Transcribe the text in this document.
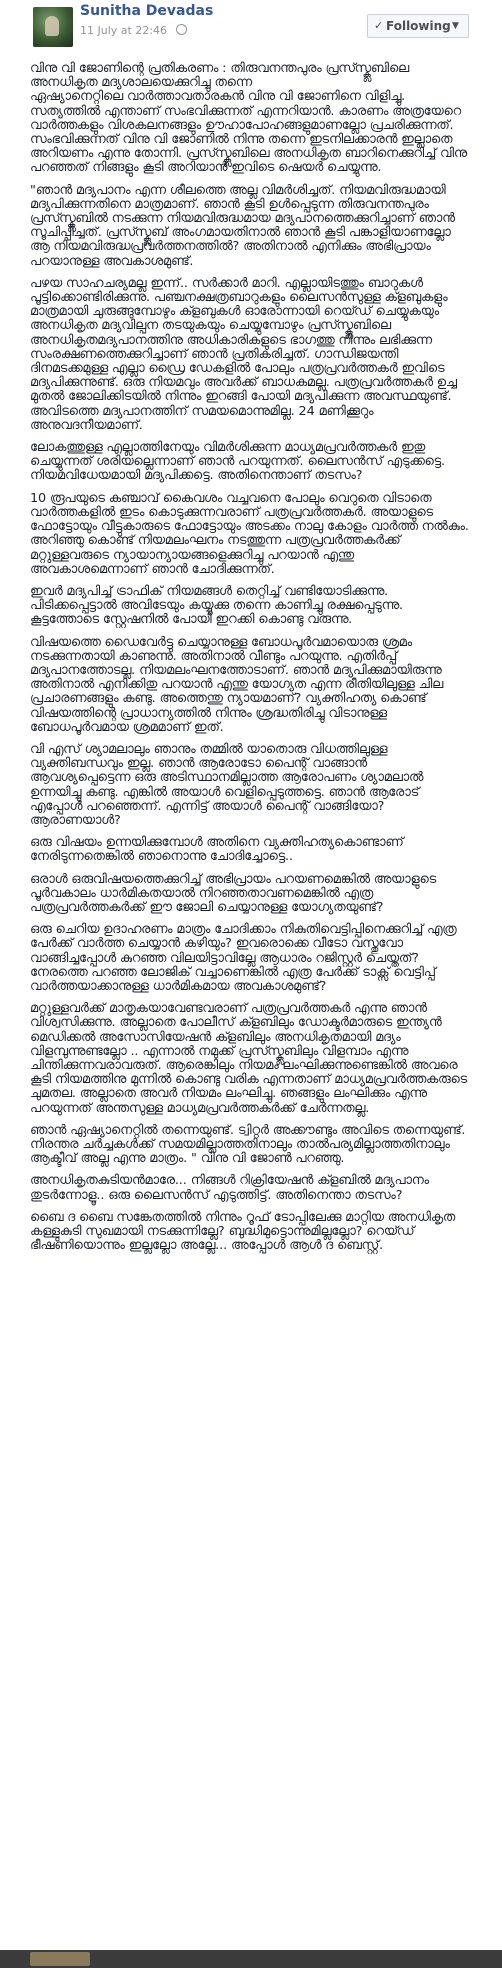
Sunitha Devadas
11 July at 22:46	✓ Following ▼

വിനു വി ജോണിന്റെ പ്രതികരണം : തിരുവനന്തപുരം പ്രസ്സ്ക്ലബിലെ അനധികൃത മദ്യശാലയെക്കുറിച്ചു തന്നെ
ഏഷ്യാനെറ്റിലെ വാർത്താവതാരകൻ വിനു വി ജോണിനെ വിളിച്ചു. സത്യത്തിൽ എന്താണ് സംഭവിക്കുന്നത് എന്നറിയാൻ. കാരണം അത്രയേറെ വാർത്തകളും വിശകലനങ്ങളും ഊഹാപോഹങ്ങളുമാണല്ലോ പ്രചരിക്കുന്നത്. സംഭവിക്കുന്നത് വിനു വി ജോണിൽ നിന്നു തന്നെ ഇടനിലക്കാരൻ ഇല്ലാതെ അറിയണം എന്നു തോന്നി. പ്രസ്സ്ക്ലബിലെ അനധികൃത ബാറിനെക്കുറിച്ച് വിനു പറഞ്ഞത് നിങ്ങളും കൂടി അറിയാൻ ഇവിടെ ഷെയർ ചെയ്യുന്നു.

"ഞാൻ മദ്യപാനം എന്ന ശീലത്തെ അല്ല വിമർശിച്ചത്. നിയമവിരുദ്ധമായി മദ്യപിക്കുന്നതിനെ മാത്രമാണ്. ഞാൻ കൂടി ഉൾപ്പെടുന്ന തിരുവനന്തപുരം പ്രസ്സ്ക്ലബിൽ നടക്കുന്ന നിയമവിരുദ്ധമായ മദ്യപാനത്തെക്കുറിച്ചാണ് ഞാൻ സൂചിപ്പിച്ചത്. പ്രസ്സ്ക്ലബ് അംഗമായതിനാൽ ഞാൻ കൂടി പങ്കാളിയാണല്ലോ ആ നിയമവിരുദ്ധപ്രവർത്തനത്തിൽ? അതിനാൽ എനിക്കും അഭിപ്രായം പറയാനുള്ള അവകാശമുണ്ട്.

പഴയ സാഹചര്യമല്ല ഇന്ന്.. സർക്കാർ മാറി. എല്ലായിടത്തും ബാറുകൾ പൂട്ടിക്കൊണ്ടിരിക്കുന്നു. പഞ്ചനക്ഷത്രബാറുകളും ലൈസൻസുള്ള ക്ളബുകളും മാത്രമായി ചുരുങ്ങുമ്പോഴും ക്ളബുകൾ ഓരോന്നായി റെയ്ഡ് ചെയ്യുകയും അനധികൃത മദ്യവില്പന തടയുകയും ചെയ്യുമ്പോഴും പ്രസ്സ്ക്ലബിലെ അനധികൃതമദ്യപാനത്തിനു അധികാരികളുടെ ഭാഗത്തു നിന്നും ലഭിക്കുന്ന സംരക്ഷണത്തെക്കുറിച്ചാണ് ഞാൻ പ്രതികരിച്ചത്. ഗാന്ധിജയന്തി ദിനമടക്കമുള്ള എല്ലാ ഡ്രൈ ഡേകളിൽ പോലും പത്രപ്രവർത്തകർ ഇവിടെ മദ്യപിക്കുന്നുണ്ട്. ഒരു നിയമവും അവർക്ക് ബാധകമല്ല. പത്രപ്രവർത്തകർ ഉച്ച മുതൽ ജോലിക്കിടയിൽ നിന്നും ഇറങ്ങി പോയി മദ്യപിക്കുന്ന അവസ്ഥയുണ്ട്. അവിടത്തെ മദ്യപാനത്തിന് സമയമൊന്നുമില്ല. 24 മണിക്കൂറും അനുവദനീയമാണ്.

ലോകത്തുള്ള എല്ലാത്തിനേയും വിമർശിക്കുന്ന മാധ്യമപ്രവർത്തകർ ഇതു ചെയ്യുന്നത് ശരിയല്ലെന്നാണ് ഞാൻ പറയുന്നത്. ലൈസൻസ് എടുക്കട്ടെ. നിയമവിധേയമായി മദ്യപിക്കട്ടെ. അതിനെന്താണ് തടസം?

10 രൂപയുടെ കഞ്ചാവ് കൈവശം വച്ചവനെ പോലും വെറുതെ വിടാതെ വാർത്തകളിൽ ഇടം കൊടുക്കുന്നവരാണ് പത്രപ്രവർത്തകർ. അയാളുടെ ഫോട്ടോയും വീട്ടുകാരുടെ ഫോട്ടോയും അടക്കം നാലു കോളം വാർത്ത നൽകും. അറിഞ്ഞു കൊണ്ട് നിയമലംഘനം നടത്തുന്ന പത്രപ്രവർത്തകർക്ക് മറ്റുള്ളവരുടെ ന്യായാന്യായങ്ങളെക്കുറിച്ചു പറയാൻ എന്തു അവകാശമെന്നാണ് ഞാൻ ചോദിക്കുന്നത്.

ഇവർ മദ്യപിച്ച് ട്രാഫിക് നിയമങ്ങൾ തെറ്റിച്ച് വണ്ടിയോടിക്കുന്നു. പിടിക്കപ്പെട്ടാൽ അവിടേയും കയ്യൂക്കു തന്നെ കാണിച്ചു രക്ഷപ്പെടുന്നു. കൂട്ടത്തോടെ സ്റ്റേഷനിൽ പോയി ഇറക്കി കൊണ്ടു വരുന്നു.

വിഷയത്തെ ഡൈവേർട്ടു ചെയ്യാനുള്ള ബോധപൂർവമായൊരു ശ്രമം നടക്കുന്നതായി കാണുന്നു. അതിനാൽ വീണ്ടും പറയുന്നു. എതിർപ്പ് മദ്യപാനത്തോടല്ല. നിയമലംഘനത്തോടാണ്. ഞാൻ മദ്യപിക്കുമായിരുന്നു അതിനാൽ എനിക്കിതു പറയാൻ എന്തു യോഗ്യത എന്ന രീതിയിലുള്ള ചില പ്രചാരണങ്ങളും കണ്ടു. അത്തെന്തു ന്യായമാണ്? വ്യക്തിഹത്യ കൊണ്ട് വിഷയത്തിന്റെ പ്രാധാന്യത്തിൽ നിന്നും ശ്രദ്ധതിരിച്ചു വിടാനുള്ള ബോധപൂർവമായ ശ്രമമാണ് ഇത്.

വി എസ് ശ്യാമലാലും ഞാനും തമ്മിൽ യാതൊരു വിധത്തിലുള്ള വ്യക്തിബന്ധവും ഇല്ല. ഞാൻ ആരോടോ പൈന്റ് വാങ്ങാൻ ആവശ്യപ്പെട്ടെന്ന ഒരു അടിസ്ഥാനമില്ലാത്ത ആരോപണം ശ്യാമലാൽ ഉന്നയിച്ചു കണ്ടു. എങ്കിൽ അയാൾ വെളിപ്പെടുത്തട്ടെ. ഞാൻ ആരോട് എപ്പോൾ പറഞ്ഞെന്ന്. എന്നിട്ട് അയാൾ പൈന്റ് വാങ്ങിയോ? ആരാണയാൾ?

ഒരു വിഷയം ഉന്നയിക്കുമ്പോൾ അതിനെ വ്യക്തിഹത്യകൊണ്ടാണ് നേരിടുന്നതെങ്കിൽ ഞാനൊന്നു ചോദിച്ചോട്ടെ..

ഒരാൾ ഒരുവിഷയത്തെക്കുറിച്ച് അഭിപ്രായം പറയണമെങ്കിൽ അയാളുടെ പൂർവകാലം ധാർമികതയാൽ നിറഞ്ഞതാവണമെങ്കിൽ എത്ര പത്രപ്രവർത്തകർക്ക് ഈ ജോലി ചെയ്യാനുള്ള യോഗ്യതയുണ്ട്?

ഒരു ചെറിയ ഉദാഹരണം മാത്രം ചോദിക്കാം നികുതിവെട്ടിപ്പിനെക്കുറിച്ച് എത്ര പേർക്ക് വാർത്ത ചെയ്യാൻ കഴിയും? ഇവരൊക്കെ വീടോ വസ്തുവോ വാങ്ങിച്ചപ്പോൾ കുറഞ്ഞ വിലയിട്ടാവില്ലേ ആധാരം റജിസ്റ്റർ ചെയ്തത്? നേരത്തെ പറഞ്ഞ ലോജിക് വച്ചാണെങ്കിൽ എത്ര പേർക്ക് ടാക്സ് വെട്ടിപ്പ് വാർത്തയാക്കാനുള്ള ധാർമികമായ അവകാശമുണ്ട്?

മറ്റുള്ളവർക്ക് മാതൃകയാവേണ്ടവരാണ് പത്രപ്രവർത്തകർ എന്നു ഞാൻ വിശ്വസിക്കുന്നു. അല്ലാതെ പോലീസ് ക്ളബിലും ഡോക്ടർമാരുടെ ഇന്ത്യൻ മെഡിക്കൽ അസോസിയേഷൻ ക്ളബിലും അനധികൃതമായി മദ്യം വിളമ്പുന്നുണ്ടല്ലോ .. എന്നാൽ നമുക്ക് പ്രസ്സ്ക്ലബിലും വിളമ്പാം എന്നു ചിന്തിക്കുന്നവരാവരുത്. ആരെങ്കിലും നിയമം ലംഘിക്കുന്നുണ്ടെങ്കിൽ അവരെ കൂടി നിയമത്തിനു മുന്നിൽ കൊണ്ടു വരിക എന്നതാണ് മാധ്യമപ്രവർത്തകരുടെ ചുമതല. അല്ലാതെ അവർ നിയമം ലംഘിച്ചു. ഞങ്ങളും ലംഘിക്കും എന്നു പറയുന്നത് അന്തസുള്ള മാധ്യമപ്രവർത്തകർക്ക് ചേർന്നതല്ല.

ഞാൻ ഏഷ്യാനെറ്റിൽ തന്നെയുണ്ട്. ട്വിറ്റർ അക്കൗണ്ടും അവിടെ തന്നെയുണ്ട്. നിരന്തര ചർച്ചകൾക്ക് സമയമില്ലാത്തതിനാലും താൽപര്യമില്ലാത്തതിനാലും ആക്ടീവ് അല്ല എന്നു മാത്രം. " വിനു വി ജോൺ പറഞ്ഞു.

അനധികൃതകുടിയൻമാരേ... നിങ്ങൾ റിക്രിയേഷൻ ക്ളബിൽ മദ്യപാനം തുടർന്നോളൂ.. ഒരു ലൈസൻസ് എടുത്തിട്ട്. അതിനെന്താ തടസം?

ബൈ ദ ബൈ സങ്കേതത്തിൽ നിന്നും റൂഫ് ടോപ്പിലേക്കു മാറ്റിയ അനധികൃത കള്ളുകുടി സുഖമായി നടക്കുന്നില്ലേ? ബുദ്ധിമുട്ടൊന്നുമില്ലല്ലോ? റെയ്ഡ് ഭീഷണിയൊന്നും ഇല്ലല്ലോ അല്ലേ... അപ്പോൾ ആൾ ദ ബെസ്റ്റ്.
